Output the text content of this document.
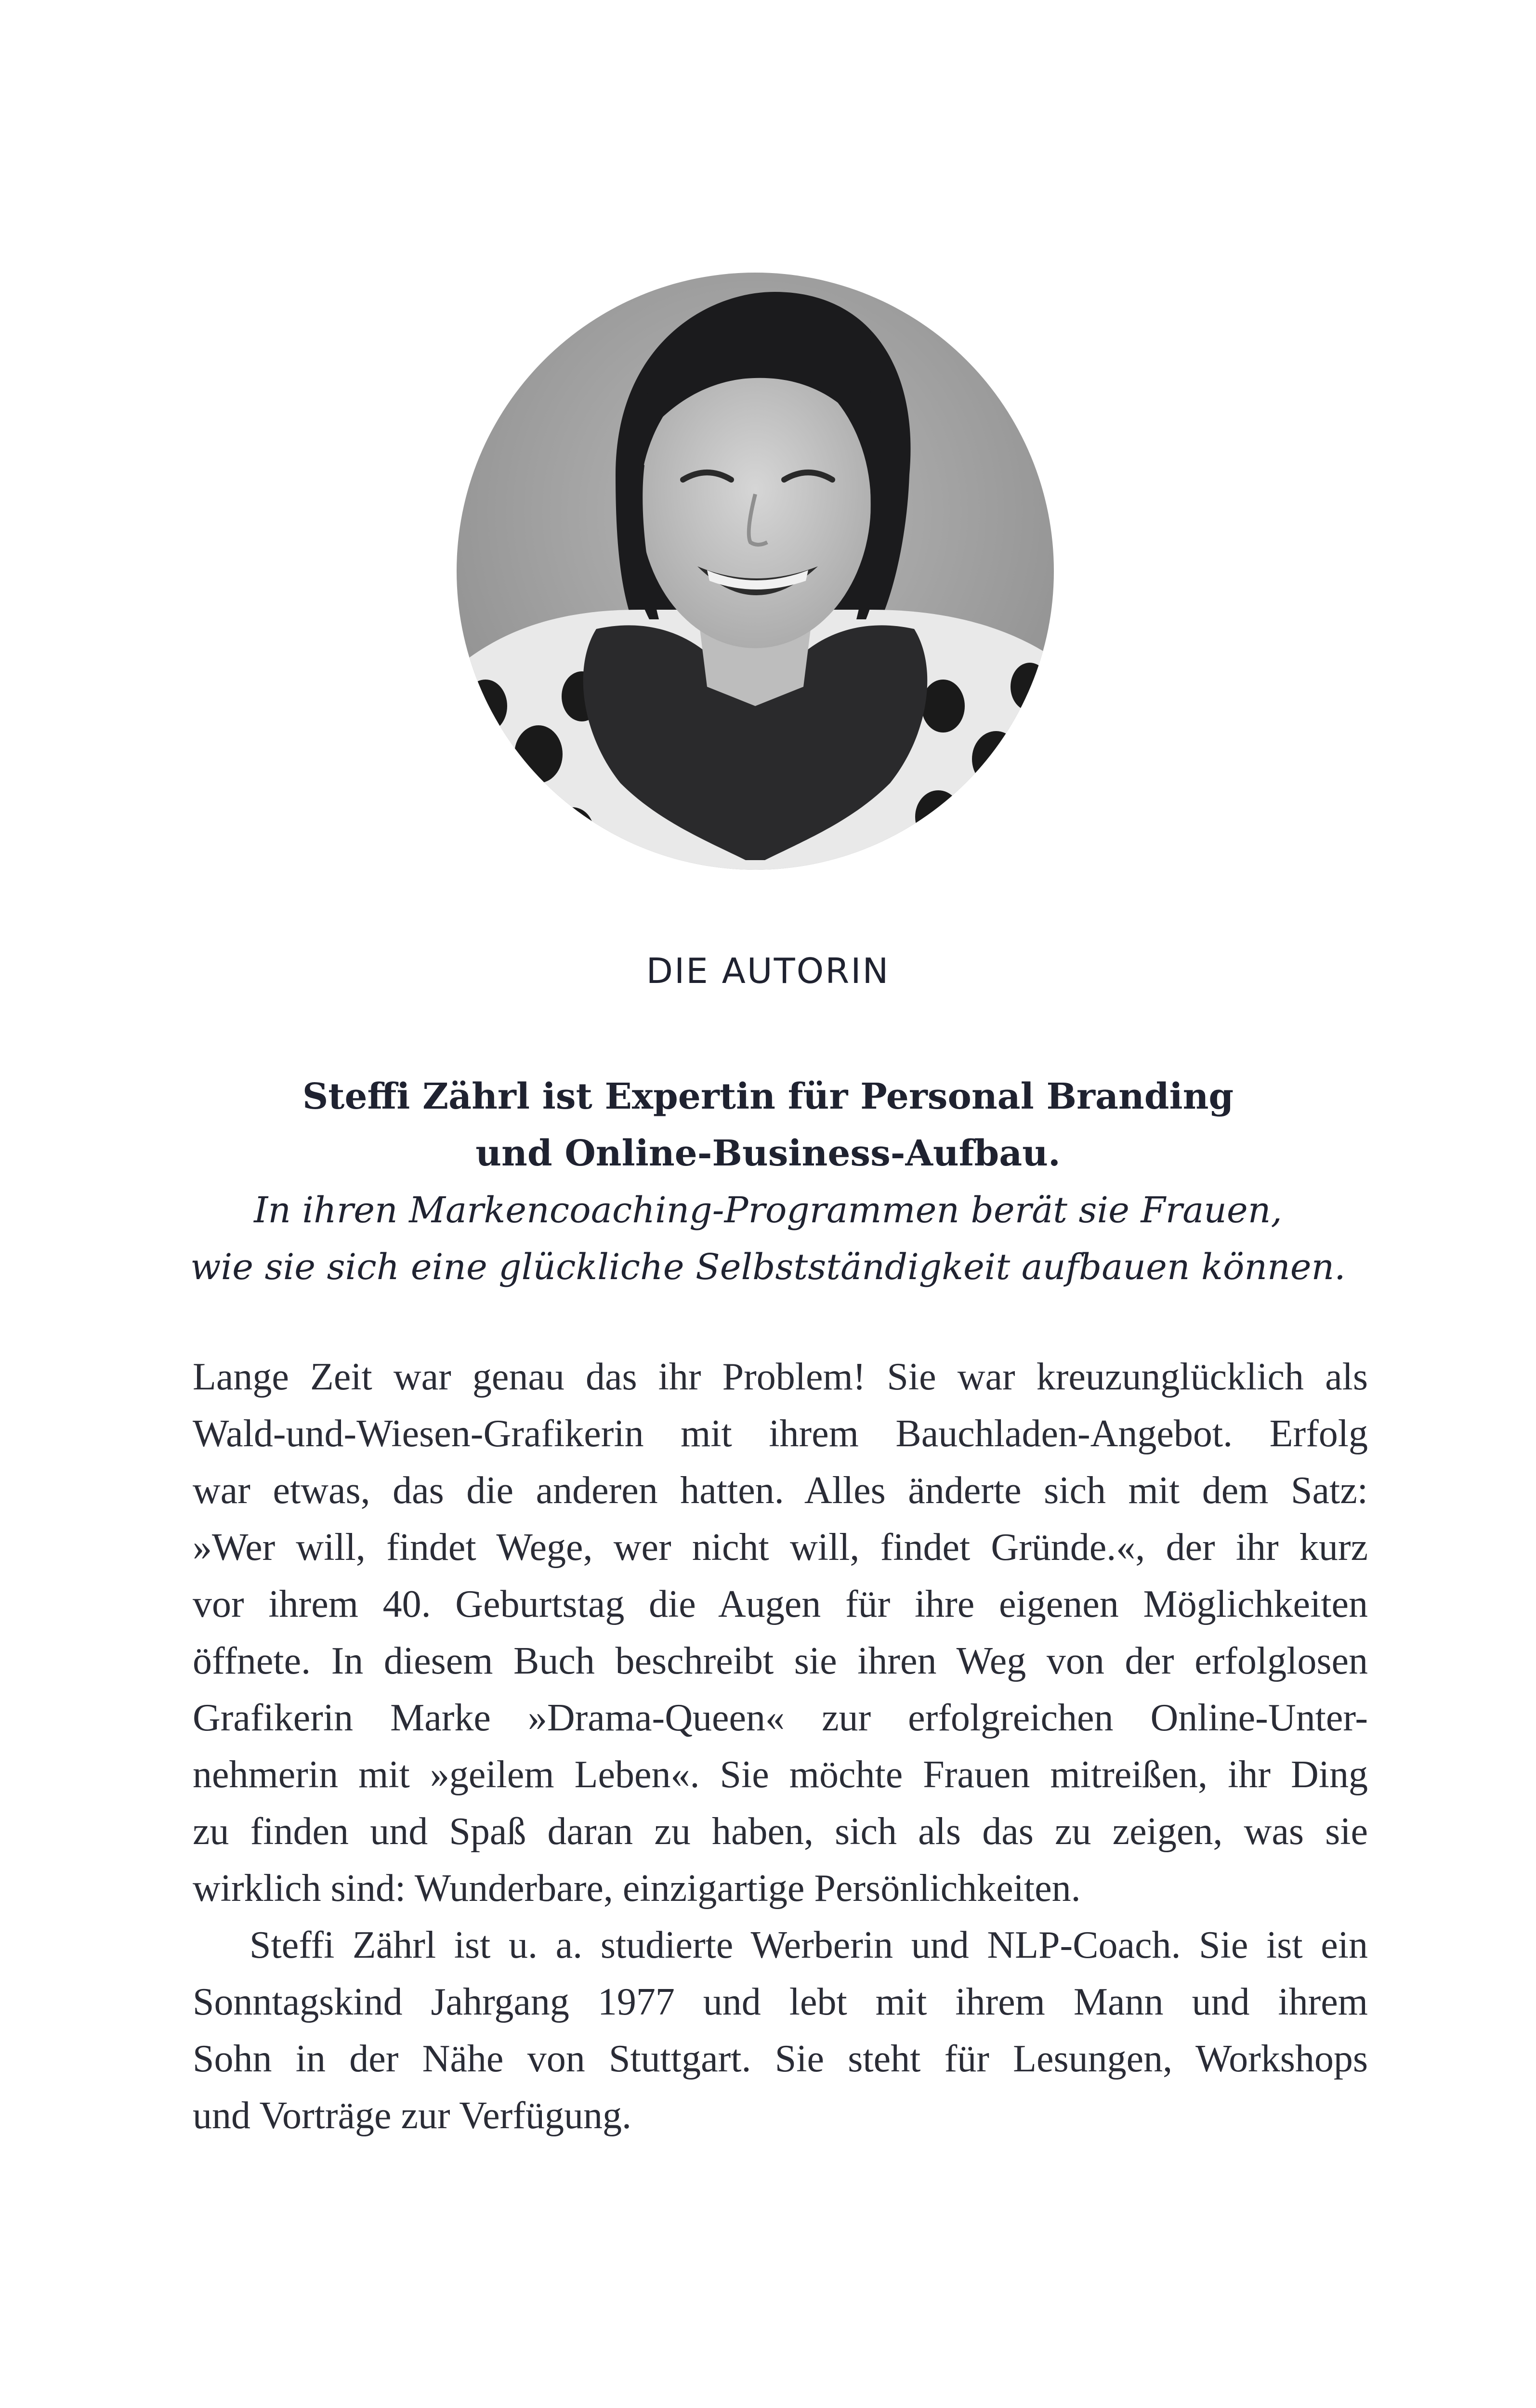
DIE AUTORIN

Steffi Zährl ist Expertin für Personal Branding

und Online-Business-Aufbau.

In ihren Markencoaching-Programmen berät sie Frauen,

wie sie sich eine glückliche Selbstständigkeit aufbauen können.

Lange Zeit war genau das ihr Problem! Sie war kreuzunglücklich als
Wald-und-Wiesen-Grafikerin mit ihrem Bauchladen-Angebot. Erfolg
war etwas, das die anderen hatten. Alles änderte sich mit dem Satz:
»Wer will, findet Wege, wer nicht will, findet Gründe.«, der ihr kurz
vor ihrem 40. Geburtstag die Augen für ihre eigenen Möglichkeiten
öffnete. In diesem Buch beschreibt sie ihren Weg von der erfolglosen
Grafikerin Marke »Drama-Queen« zur erfolgreichen Online-Unter-
nehmerin mit »geilem Leben«. Sie möchte Frauen mitreißen, ihr Ding
zu finden und Spaß daran zu haben, sich als das zu zeigen, was sie
wirklich sind: Wunderbare, einzigartige Persönlichkeiten.

Steffi Zährl ist u. a. studierte Werberin und NLP-Coach. Sie ist ein
Sonntagskind Jahrgang 1977 und lebt mit ihrem Mann und ihrem
Sohn in der Nähe von Stuttgart. Sie steht für Lesungen, Workshops
und Vorträge zur Verfügung.
